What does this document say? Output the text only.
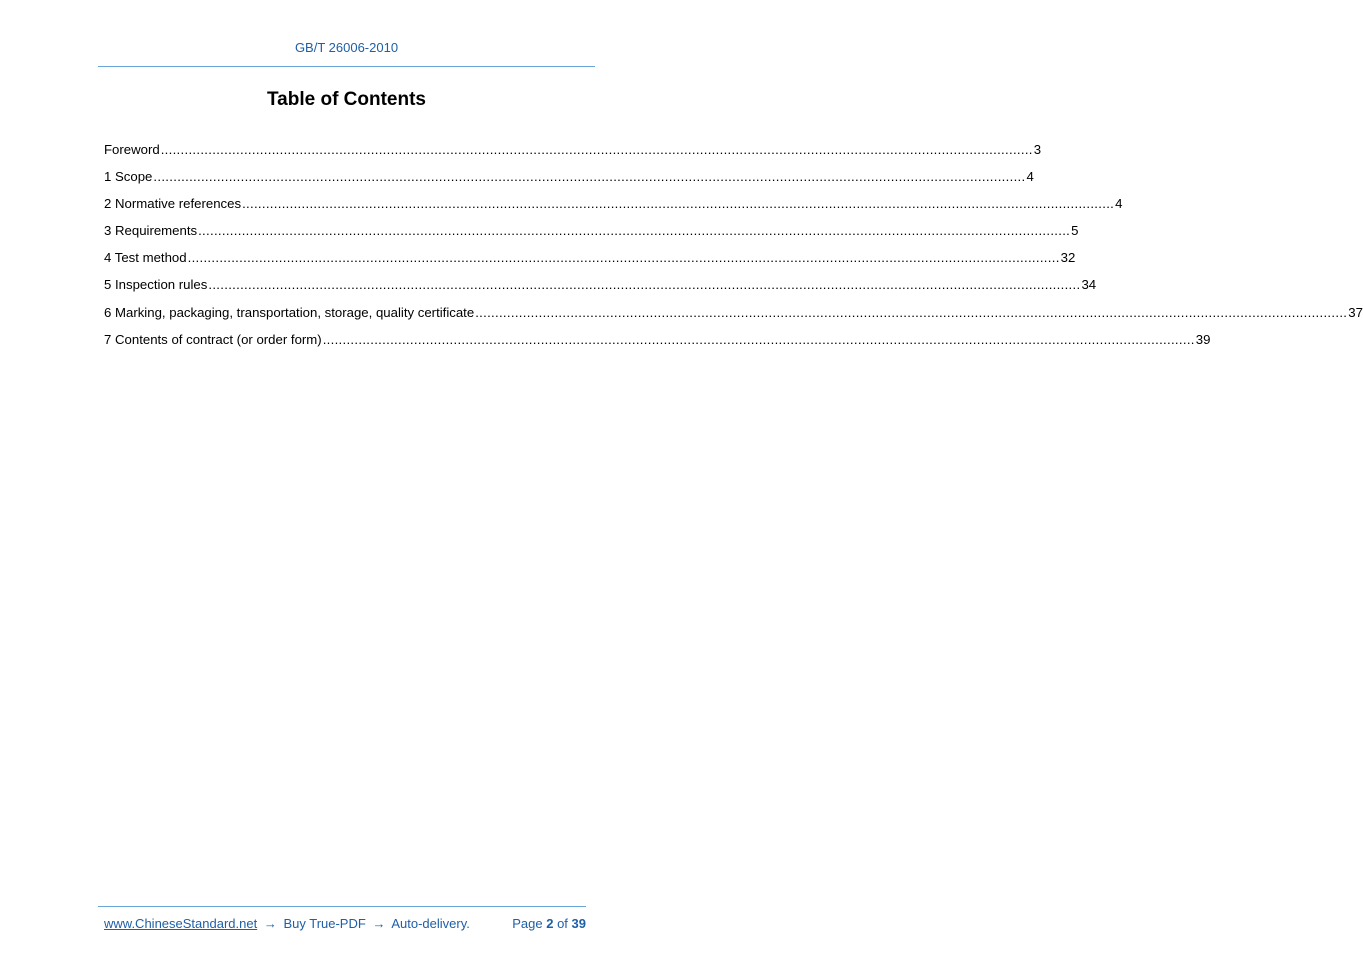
GB/T 26006-2010
Table of Contents
Foreword ............................................................................................................................................................................................................................ 3
1 Scope ............................................................................................................................................................................................................................ 4
2 Normative references ............................................................................................................................................................................................................................ 4
3 Requirements ............................................................................................................................................................................................................................ 5
4 Test method ............................................................................................................................................................................................................................ 32
5 Inspection rules ............................................................................................................................................................................................................................ 34
6 Marking, packaging, transportation, storage, quality certificate ............................................................................................................................................................................................................................ 37
7 Contents of contract (or order form) ............................................................................................................................................................................................................................ 39
www.ChineseStandard.net → Buy True-PDF → Auto-delivery.	Page 2 of 39
